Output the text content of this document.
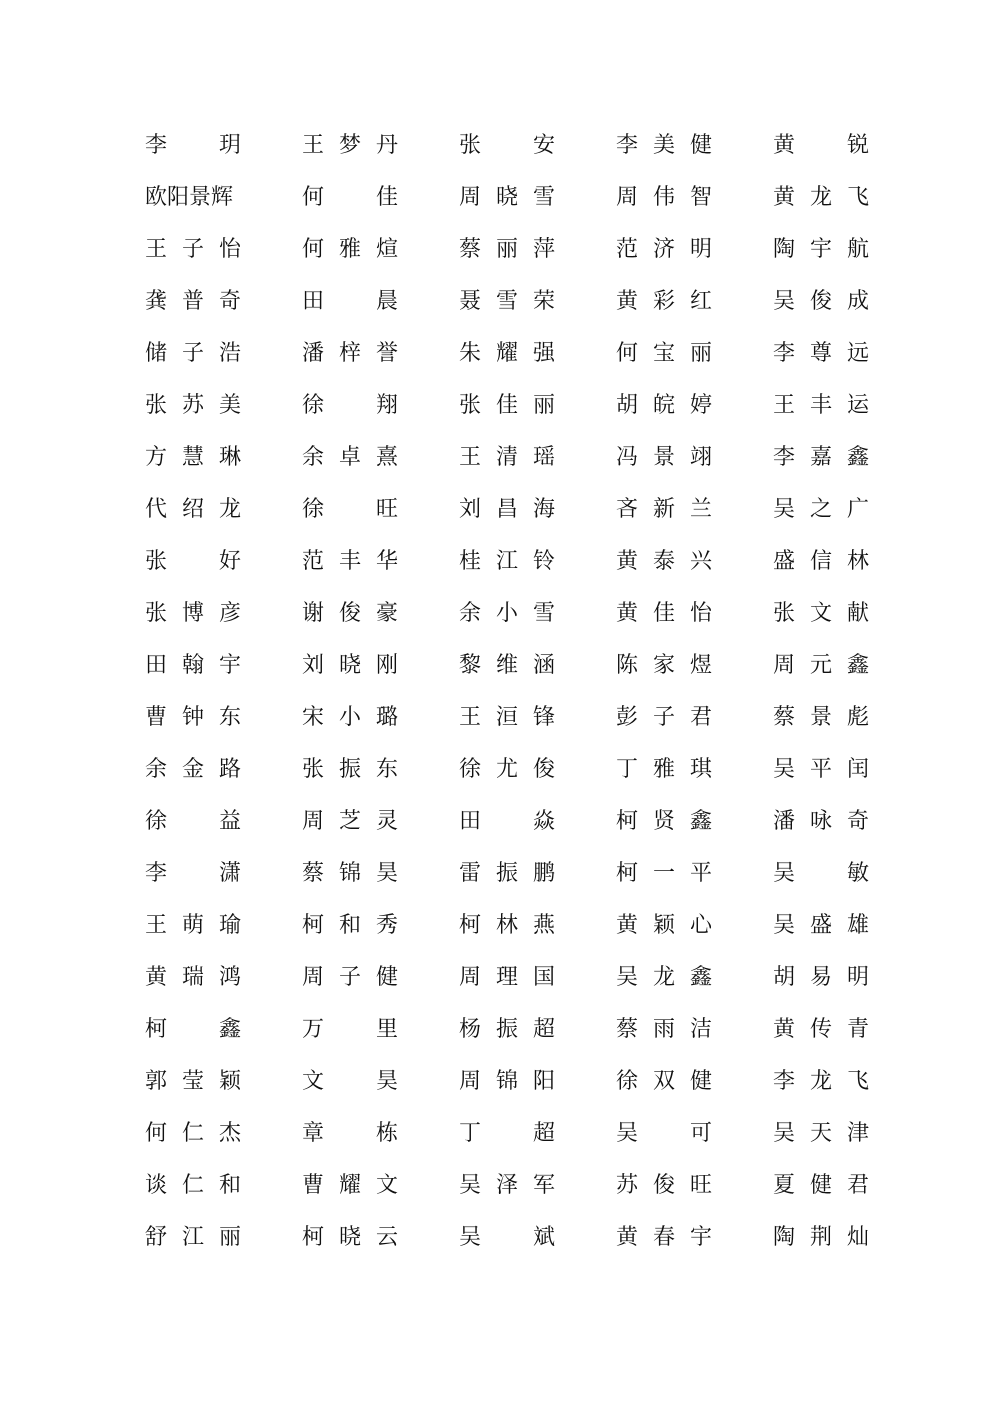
李 玥	王 梦 丹	张 安	李 美 健	黄 锐
欧 阳 景 辉	何 佳	周 晓 雪	周 伟 智	黄 龙 飞
王 子 怡	何 雅 煊	蔡 丽 萍	范 济 明	陶 宇 航
龚 普 奇	田 晨	聂 雪 荣	黄 彩 红	吴 俊 成
储 子 浩	潘 梓 誉	朱 耀 强	何 宝 丽	李 尊 远
张 苏 美	徐 翔	张 佳 丽	胡 皖 婷	王 丰 运
方 慧 琳	余 卓 熹	王 清 瑶	冯 景 翊	李 嘉 鑫
代 绍 龙	徐 旺	刘 昌 海	吝 新 兰	吴 之 广
张 好	范 丰 华	桂 江 铃	黄 泰 兴	盛 信 林
张 博 彦	谢 俊 豪	余 小 雪	黄 佳 怡	张 文 献
田 翰 宇	刘 晓 刚	黎 维 涵	陈 家 煜	周 元 鑫
曹 钟 东	宋 小 璐	王 洹 锋	彭 子 君	蔡 景 彪
余 金 路	张 振 东	徐 尤 俊	丁 雅 琪	吴 平 闰
徐 益	周 芝 灵	田 焱	柯 贤 鑫	潘 咏 奇
李 潇	蔡 锦 昊	雷 振 鹏	柯 一 平	吴 敏
王 萌 瑜	柯 和 秀	柯 林 燕	黄 颖 心	吴 盛 雄
黄 瑞 鸿	周 子 健	周 理 国	吴 龙 鑫	胡 易 明
柯 鑫	万 里	杨 振 超	蔡 雨 洁	黄 传 青
郭 莹 颖	文 昊	周 锦 阳	徐 双 健	李 龙 飞
何 仁 杰	章 栋	丁 超	吴 可	吴 天 津
谈 仁 和	曹 耀 文	吴 泽 军	苏 俊 旺	夏 健 君
舒 江 丽	柯 晓 云	吴 斌	黄 春 宇	陶 荆 灿
